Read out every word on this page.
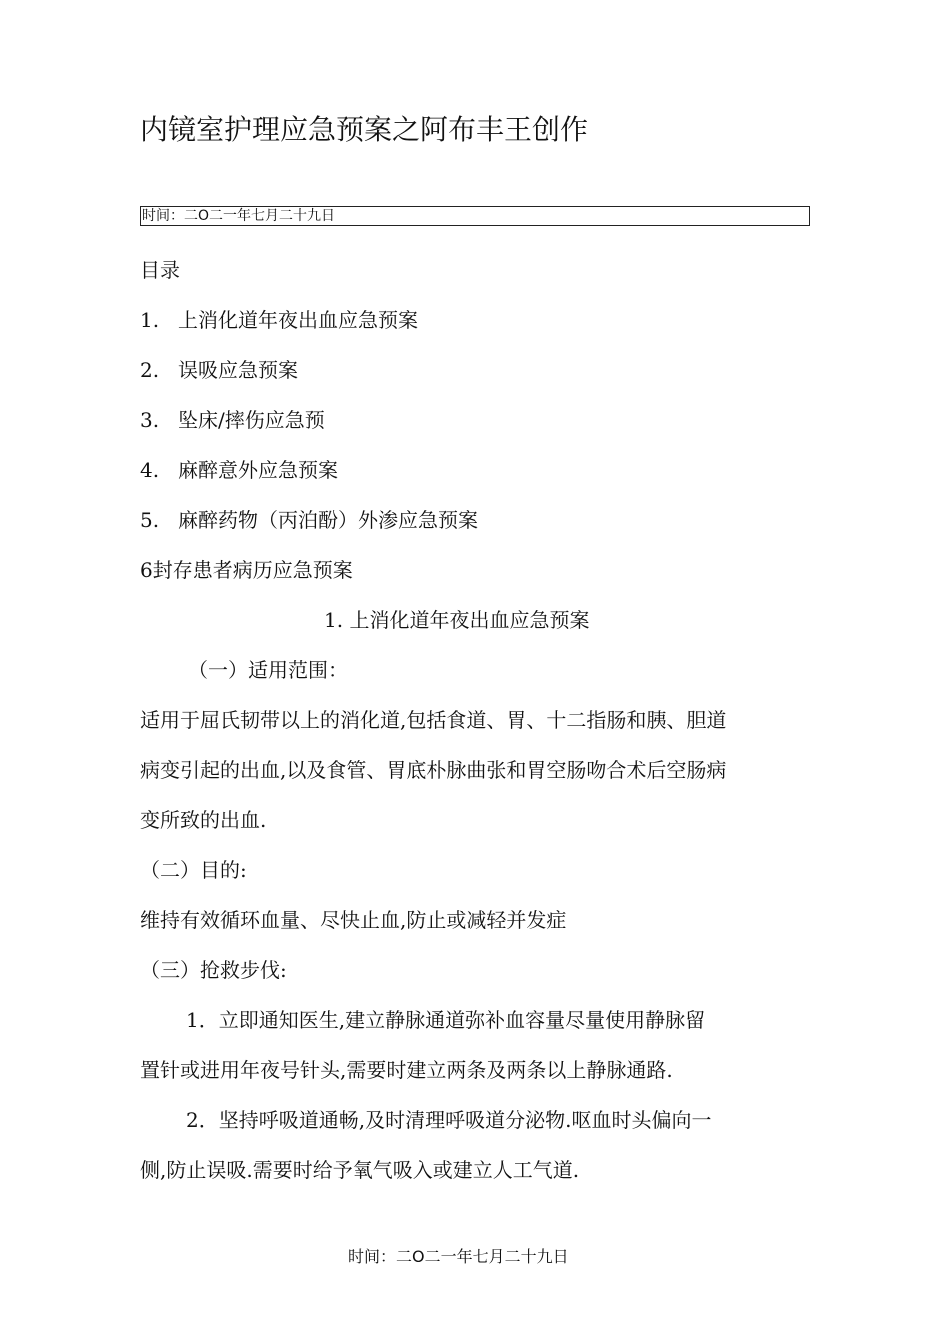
内镜室护理应急预案之阿布丰王创作
时间：二O二一年七月二十九日
目录
1. 上消化道年夜出血应急预案
2. 误吸应急预案
3. 坠床/摔伤应急预
4. 麻醉意外应急预案
5. 麻醉药物（丙泊酚）外渗应急预案
6封存患者病历应急预案
1. 上消化道年夜出血应急预案
（一）适用范围：
适用于屈氏韧带以上的消化道,包括食道、胃、十二指肠和胰、胆道
病变引起的出血,以及食管、胃底朴脉曲张和胃空肠吻合术后空肠病
变所致的出血.
（二）目的:
维持有效循环血量、尽快止血,防止或减轻并发症
（三）抢救步伐:
1．立即通知医生,建立静脉通道弥补血容量尽量使用静脉留
置针或进用年夜号针头,需要时建立两条及两条以上静脉通路.
2．坚持呼吸道通畅,及时清理呼吸道分泌物.呕血时头偏向一
侧,防止误吸.需要时给予氧气吸入或建立人工气道.
时间：二O二一年七月二十九日
